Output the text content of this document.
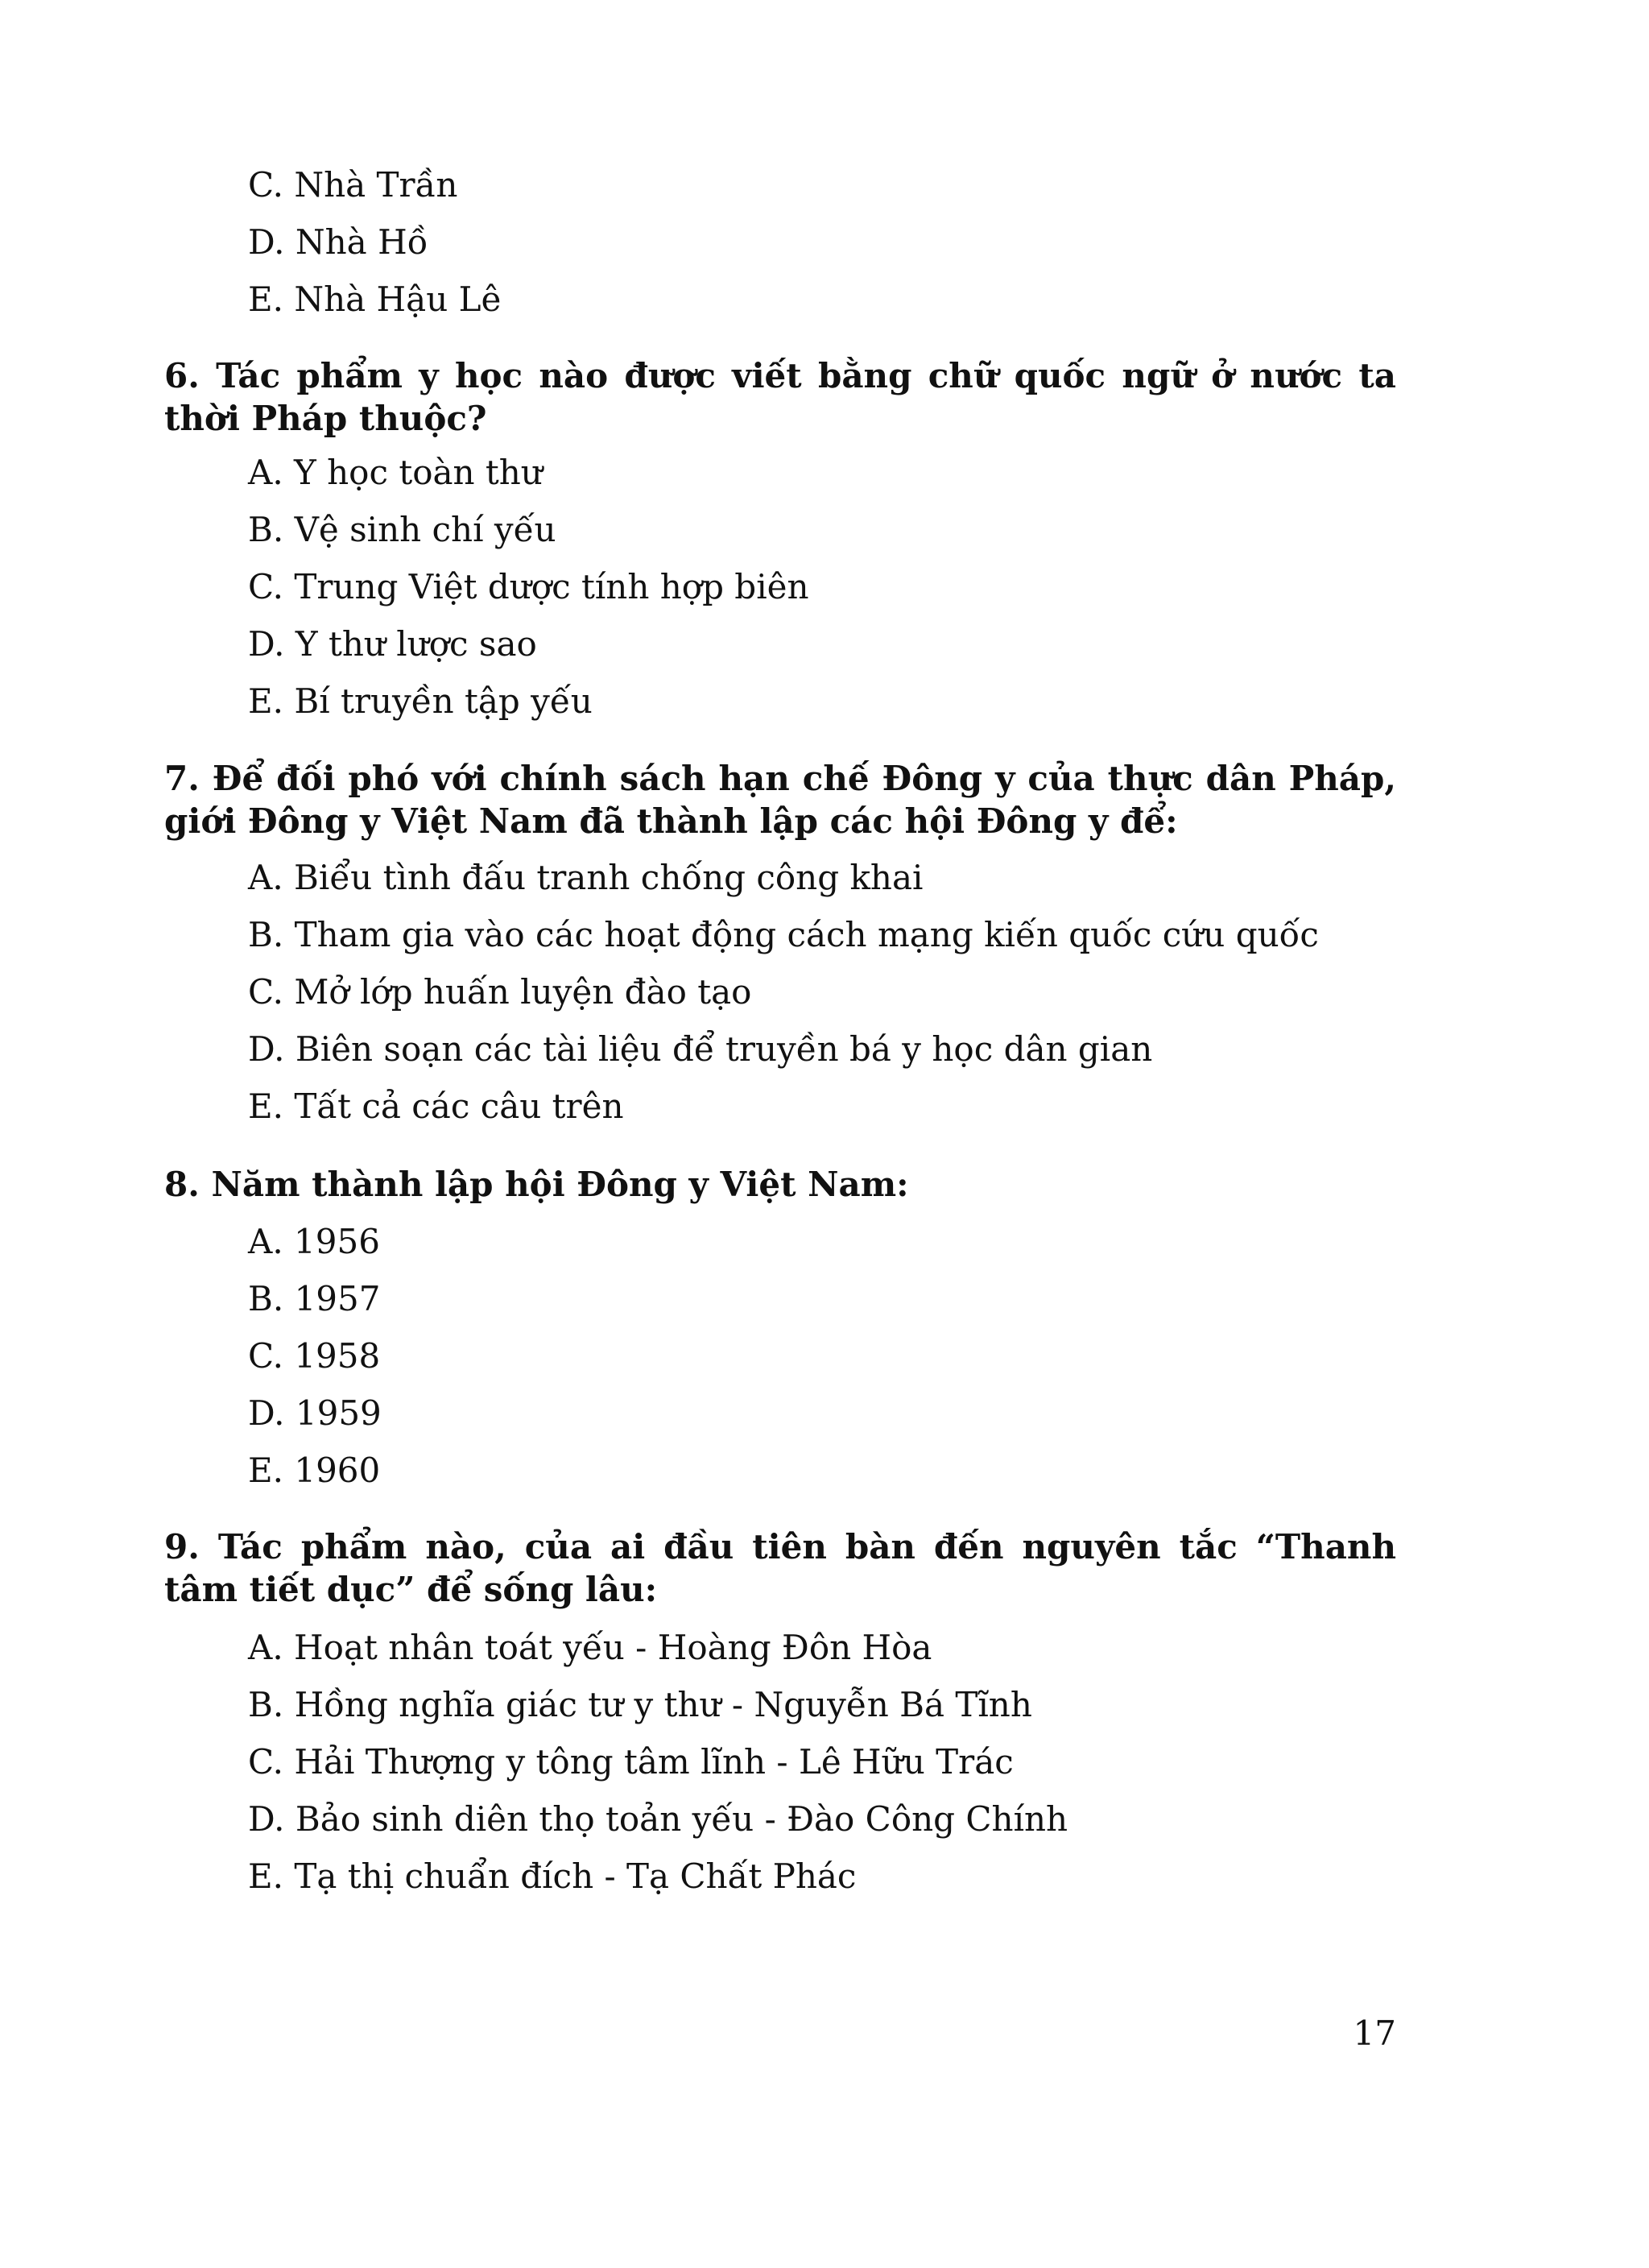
C. Nhà Trần
D. Nhà Hồ
E. Nhà Hậu Lê

6. Tác phẩm y học nào được viết bằng chữ quốc ngữ ở nước ta thời Pháp thuộc?

A. Y học toàn thư
B. Vệ sinh chí yếu
C. Trung Việt dược tính hợp biên
D. Y thư lược sao
E. Bí truyền tập yếu

7. Để đối phó với chính sách hạn chế Đông y của thực dân Pháp, giới Đông y Việt Nam đã thành lập các hội Đông y để:

A. Biểu tình đấu tranh chống công khai
B. Tham gia vào các hoạt động cách mạng kiến quốc cứu quốc
C. Mở lớp huấn luyện đào tạo
D. Biên soạn các tài liệu để truyền bá y học dân gian
E. Tất cả các câu trên

8. Năm thành lập hội Đông y Việt Nam:

A. 1956
B. 1957
C. 1958
D. 1959
E. 1960

9. Tác phẩm nào, của ai đầu tiên bàn đến nguyên tắc “Thanh tâm tiết dục” để sống lâu:

A. Hoạt nhân toát yếu - Hoàng Đôn Hòa
B. Hồng nghĩa giác tư y thư - Nguyễn Bá Tĩnh
C. Hải Thượng y tông tâm lĩnh - Lê Hữu Trác
D. Bảo sinh diên thọ toản yếu - Đào Công Chính
E. Tạ thị chuẩn đích - Tạ Chất Phác
17
